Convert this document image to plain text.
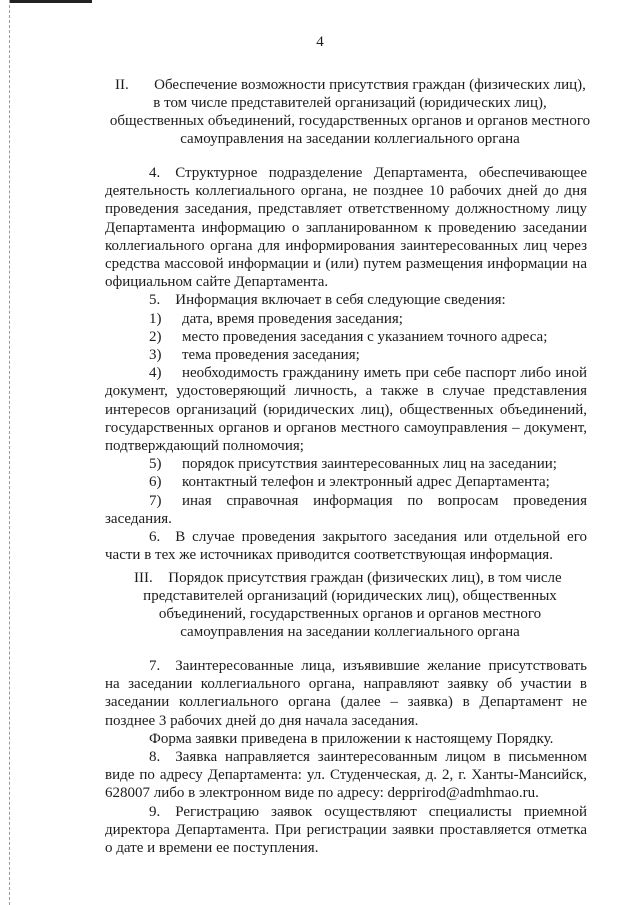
4
II. Обеспечение возможности присутствия граждан (физических лиц),
в том числе представителей организаций (юридических лиц),
общественных объединений, государственных органов и органов местного
самоуправления на заседании коллегиального органа
4. Структурное подразделение Департамента, обеспечивающее деятельность коллегиального органа, не позднее 10 рабочих дней до дня проведения заседания, представляет ответственному должностному лицу Департамента информацию о запланированном к проведению заседании коллегиального органа для информирования заинтересованных лиц через средства массовой информации и (или) путем размещения информации на официальном сайте Департамента.
5. Информация включает в себя следующие сведения:
1) дата, время проведения заседания;
2) место проведения заседания с указанием точного адреса;
3) тема проведения заседания;
4) необходимость гражданину иметь при себе паспорт либо иной документ, удостоверяющий личность, а также в случае представления интересов организаций (юридических лиц), общественных объединений, государственных органов и органов местного самоуправления – документ, подтверждающий полномочия;
5) порядок присутствия заинтересованных лиц на заседании;
6) контактный телефон и электронный адрес Департамента;
7) иная справочная информация по вопросам проведения заседания.
6. В случае проведения закрытого заседания или отдельной его части в тех же источниках приводится соответствующая информация.
III. Порядок присутствия граждан (физических лиц), в том числе
представителей организаций (юридических лиц), общественных
объединений, государственных органов и органов местного
самоуправления на заседании коллегиального органа
7. Заинтересованные лица, изъявившие желание присутствовать на заседании коллегиального органа, направляют заявку об участии в заседании коллегиального органа (далее – заявка) в Департамент не позднее 3 рабочих дней до дня начала заседания.
Форма заявки приведена в приложении к настоящему Порядку.
8. Заявка направляется заинтересованным лицом в письменном виде по адресу Департамента: ул. Студенческая, д. 2, г. Ханты-Мансийск, 628007 либо в электронном виде по адресу: depprirod@admhmao.ru.
9. Регистрацию заявок осуществляют специалисты приемной директора Департамента. При регистрации заявки проставляется отметка о дате и времени ее поступления.
